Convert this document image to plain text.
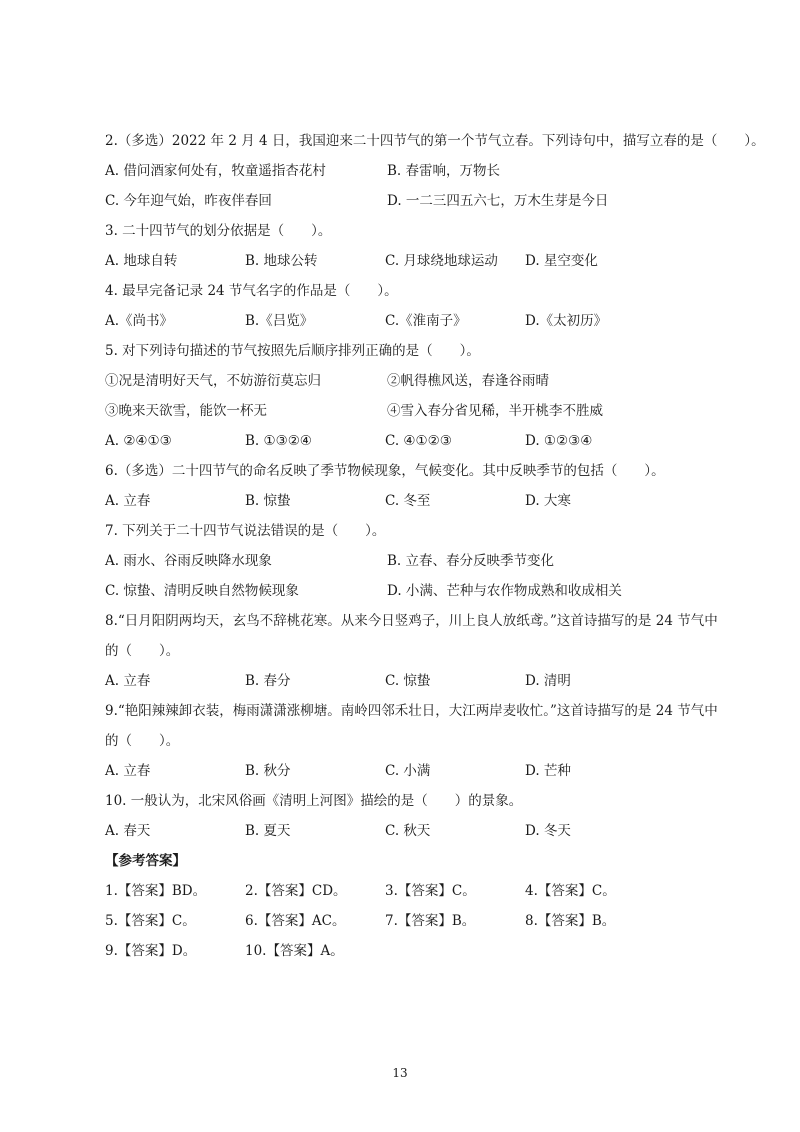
2.（多选）2022 年 2 月 4 日，我国迎来二十四节气的第一个节气立春。下列诗句中，描写立春的是（　　）。
A. 借问酒家何处有，牧童遥指杏花村	B. 春雷响，万物长
C. 今年迎气始，昨夜伴春回	D. 一二三四五六七，万木生芽是今日
3. 二十四节气的划分依据是（　　）。
A. 地球自转	B. 地球公转	C. 月球绕地球运动 D. 星空变化
4. 最早完备记录 24 节气名字的作品是（　　）。
A.《尚书》	B.《吕览》	C.《淮南子》	D.《太初历》
5. 对下列诗句描述的节气按照先后顺序排列正确的是（　　）。
①况是清明好天气，不妨游衍莫忘归	②帆得樵风送，春逢谷雨晴
③晚来天欲雪，能饮一杯无	④雪入春分省见稀，半开桃李不胜威
A. ②④①③	B. ①③②④	C. ④①②③	D. ①②③④
6.（多选）二十四节气的命名反映了季节物候现象，气候变化。其中反映季节的包括（　　）。
A. 立春	B. 惊蛰	C. 冬至	D. 大寒
7. 下列关于二十四节气说法错误的是（　　）。
A. 雨水、谷雨反映降水现象	B. 立春、春分反映季节变化
C. 惊蛰、清明反映自然物候现象	D. 小满、芒种与农作物成熟和收成相关
8.“日月阳阴两均天，玄鸟不辞桃花寒。从来今日竖鸡子，川上良人放纸鸢。”这首诗描写的是 24 节气中
的（　　）。
A. 立春	B. 春分	C. 惊蛰	D. 清明
9.“艳阳辣辣卸衣装，梅雨潇潇涨柳塘。南岭四邻禾壮日，大江两岸麦收忙。”这首诗描写的是 24 节气中
的（　　）。
A. 立春	B. 秋分	C. 小满	D. 芒种
10. 一般认为，北宋风俗画《清明上河图》描绘的是（　　）的景象。
A. 春天	B. 夏天	C. 秋天	D. 冬天
【参考答案】
1.【答案】BD。	2.【答案】CD。	3.【答案】C。	4.【答案】C。
5.【答案】C。	6.【答案】AC。	7.【答案】B。	8.【答案】B。
9.【答案】D。	10.【答案】A。
13
